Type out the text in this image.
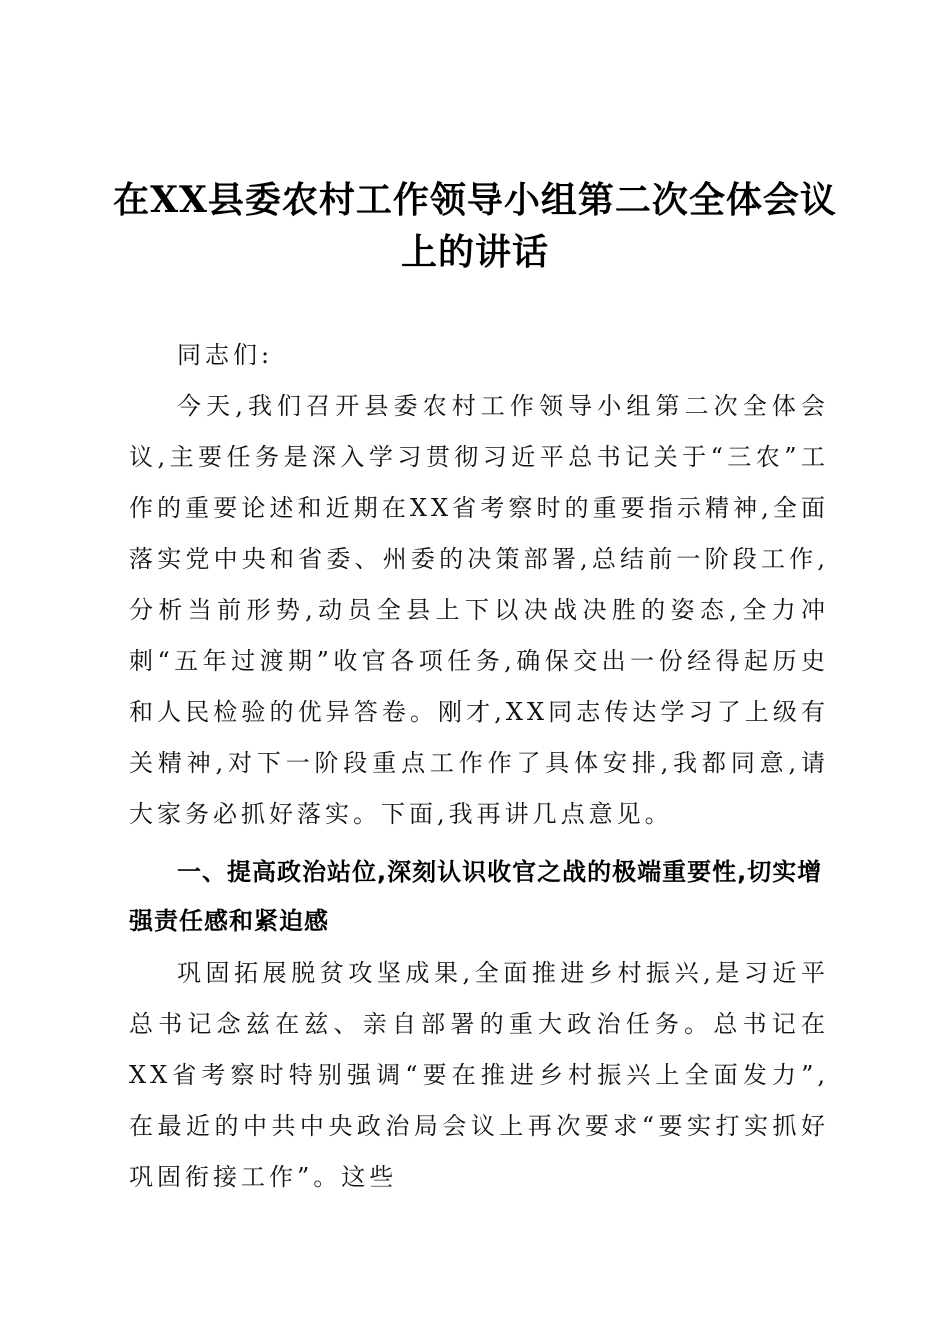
在XX县委农村工作领导小组第二次全体会议
上的讲话

同志们:

今天,我们召开县委农村工作领导小组第二次全体会议,主要任务是深入学习贯彻习近平总书记关于“三农”工作的重要论述和近期在XX省考察时的重要指示精神,全面落实党中央和省委、州委的决策部署,总结前一阶段工作,分析当前形势,动员全县上下以决战决胜的姿态,全力冲刺“五年过渡期”收官各项任务,确保交出一份经得起历史和人民检验的优异答卷。刚才,XX同志传达学习了上级有关精神,对下一阶段重点工作作了具体安排,我都同意,请大家务必抓好落实。下面,我再讲几点意见。

一、提高政治站位,深刻认识收官之战的极端重要性,切实增强责任感和紧迫感

巩固拓展脱贫攻坚成果,全面推进乡村振兴,是习近平总书记念兹在兹、亲自部署的重大政治任务。总书记在XX省考察时特别强调“要在推进乡村振兴上全面发力”,在最近的中共中央政治局会议上再次要求“要实打实抓好巩固衔接工作”。这些
